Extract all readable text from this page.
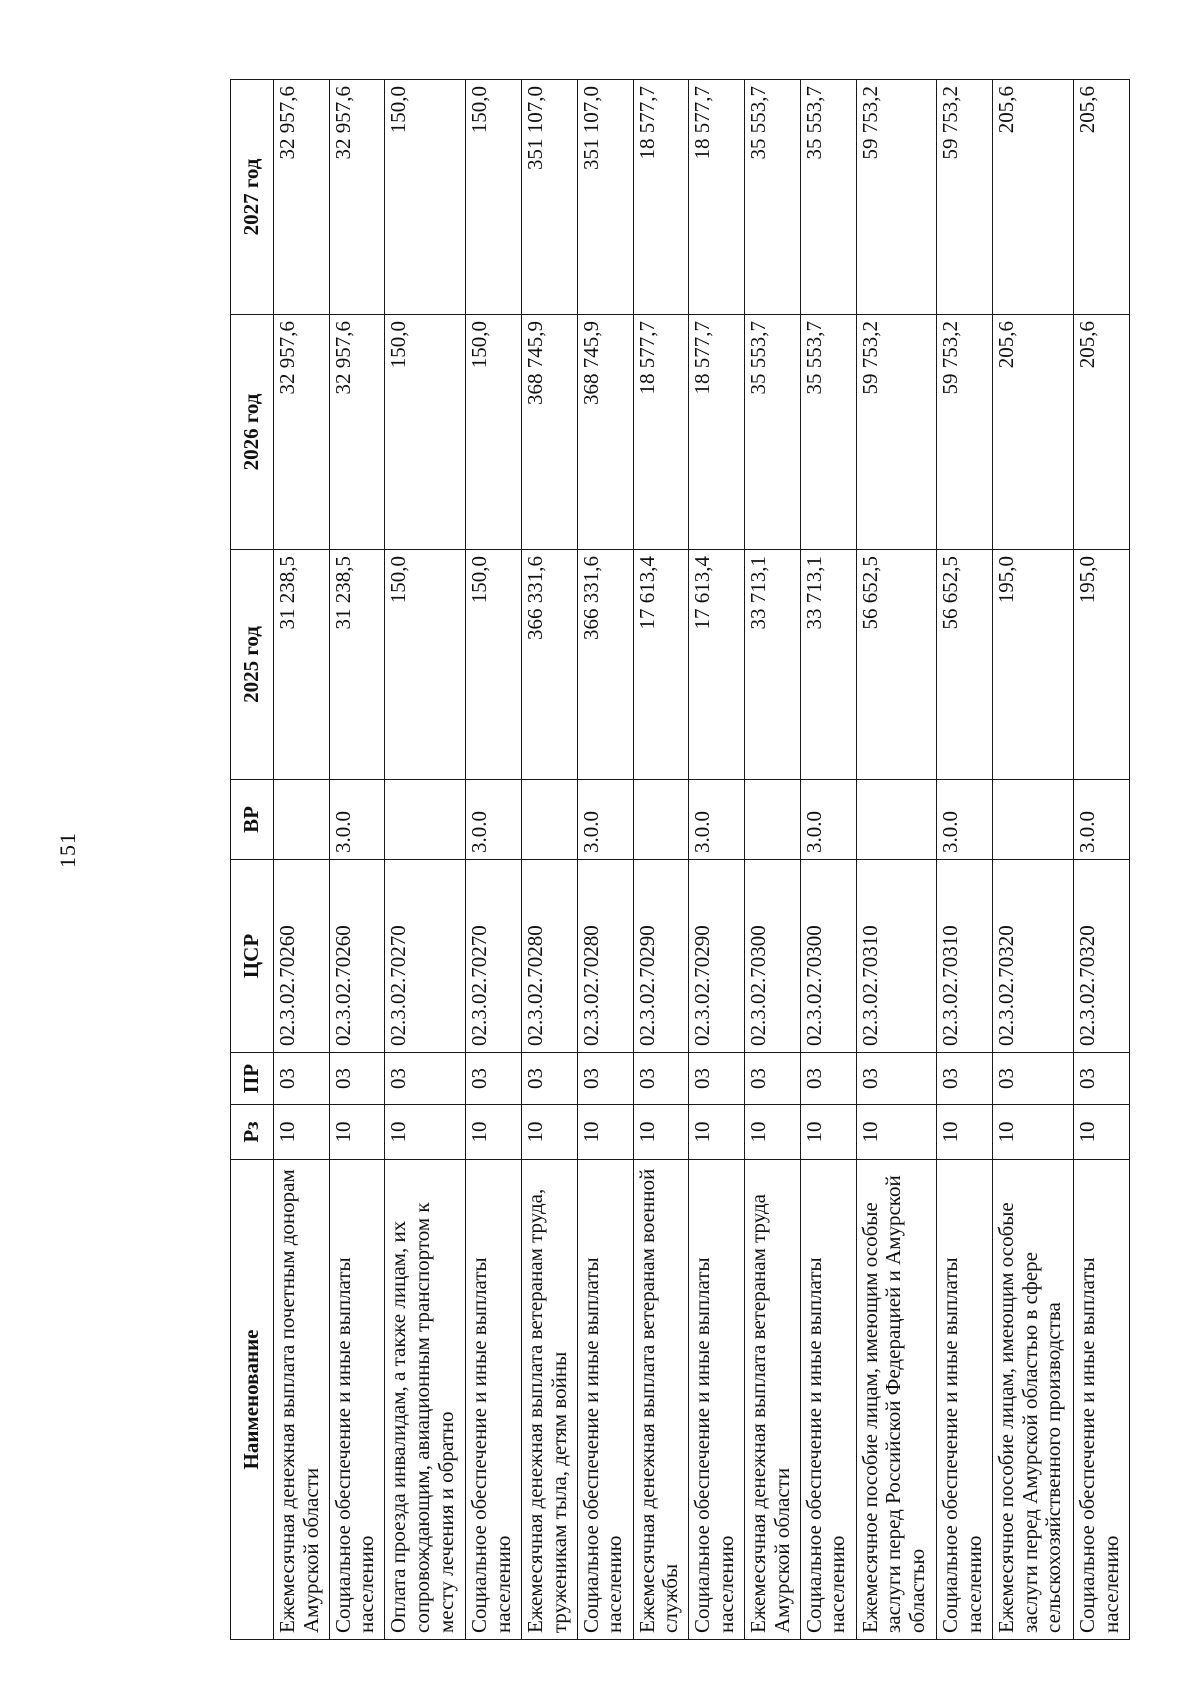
151
Наименование	Рз	ПР	ЦСР	ВР	2025 год	2026 год	2027 год
Ежемесячная денежная выплата почетным донорам Амурской области	10	03	02.3.02.70260		31 238,5	32 957,6	32 957,6
Социальное обеспечение и иные выплаты населению	10	03	02.3.02.70260	3.0.0	31 238,5	32 957,6	32 957,6
Оплата проезда инвалидам, а также лицам, их сопровождающим, авиационным транспортом к месту лечения и обратно	10	03	02.3.02.70270		150,0	150,0	150,0
Социальное обеспечение и иные выплаты населению	10	03	02.3.02.70270	3.0.0	150,0	150,0	150,0
Ежемесячная денежная выплата ветеранам труда, труженикам тыла, детям войны	10	03	02.3.02.70280		366 331,6	368 745,9	351 107,0
Социальное обеспечение и иные выплаты населению	10	03	02.3.02.70280	3.0.0	366 331,6	368 745,9	351 107,0
Ежемесячная денежная выплата ветеранам военной службы	10	03	02.3.02.70290		17 613,4	18 577,7	18 577,7
Социальное обеспечение и иные выплаты населению	10	03	02.3.02.70290	3.0.0	17 613,4	18 577,7	18 577,7
Ежемесячная денежная выплата ветеранам труда Амурской области	10	03	02.3.02.70300		33 713,1	35 553,7	35 553,7
Социальное обеспечение и иные выплаты населению	10	03	02.3.02.70300	3.0.0	33 713,1	35 553,7	35 553,7
Ежемесячное пособие лицам, имеющим особые заслуги перед Российской Федерацией и Амурской областью	10	03	02.3.02.70310		56 652,5	59 753,2	59 753,2
Социальное обеспечение и иные выплаты населению	10	03	02.3.02.70310	3.0.0	56 652,5	59 753,2	59 753,2
Ежемесячное пособие лицам, имеющим особые заслуги перед Амурской областью в сфере сельскохозяйственного производства	10	03	02.3.02.70320		195,0	205,6	205,6
Социальное обеспечение и иные выплаты населению	10	03	02.3.02.70320	3.0.0	195,0	205,6	205,6
